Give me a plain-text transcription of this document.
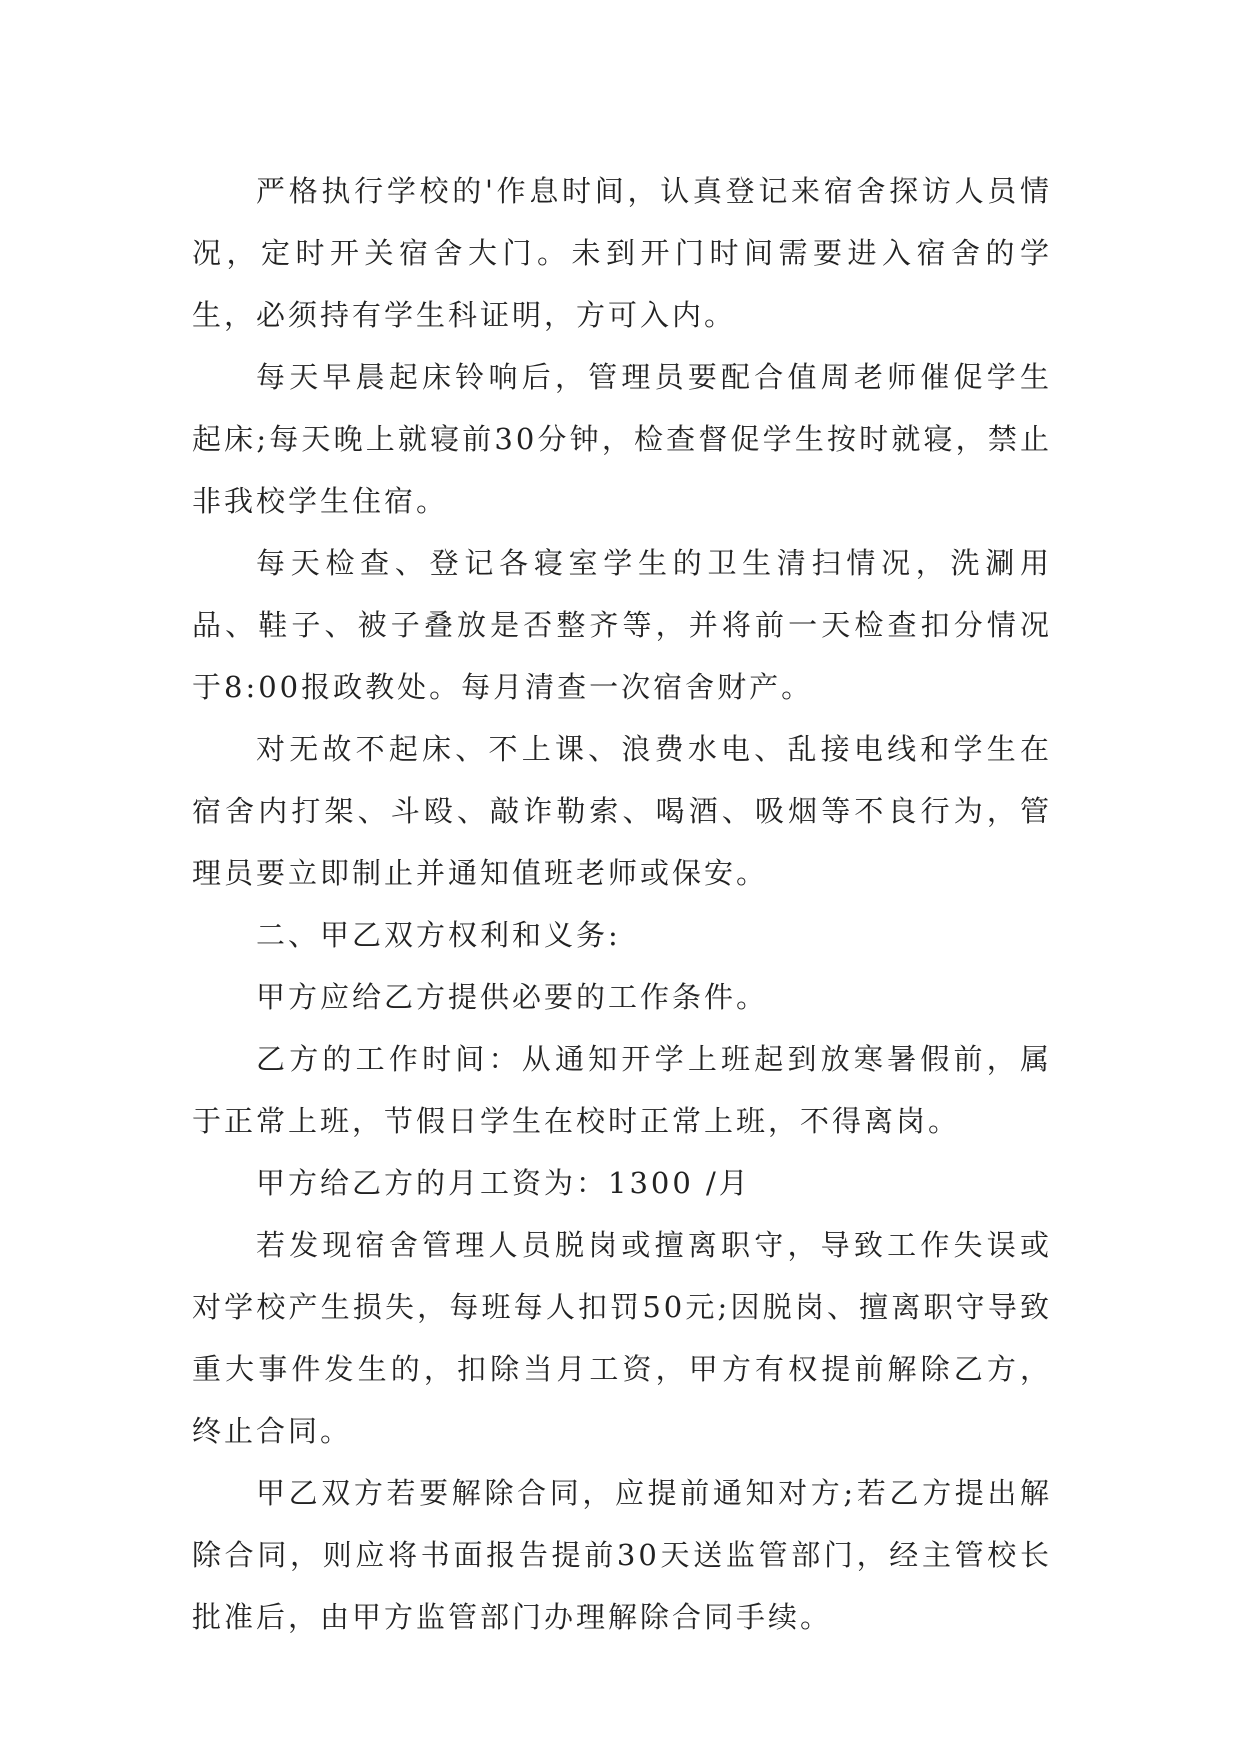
严格执行学校的'作息时间，认真登记来宿舍探访人员情况，定时开关宿舍大门。未到开门时间需要进入宿舍的学生，必须持有学生科证明，方可入内。

每天早晨起床铃响后，管理员要配合值周老师催促学生起床;每天晚上就寝前30分钟，检查督促学生按时就寝，禁止非我校学生住宿。

每天检查、登记各寝室学生的卫生清扫情况，洗涮用品、鞋子、被子叠放是否整齐等，并将前一天检查扣分情况于8:00报政教处。每月清查一次宿舍财产。

对无故不起床、不上课、浪费水电、乱接电线和学生在宿舍内打架、斗殴、敲诈勒索、喝酒、吸烟等不良行为，管理员要立即制止并通知值班老师或保安。

二、甲乙双方权利和义务:

甲方应给乙方提供必要的工作条件。

乙方的工作时间：从通知开学上班起到放寒暑假前，属于正常上班，节假日学生在校时正常上班，不得离岗。

甲方给乙方的月工资为：1300 /月

若发现宿舍管理人员脱岗或擅离职守，导致工作失误或对学校产生损失，每班每人扣罚50元;因脱岗、擅离职守导致重大事件发生的，扣除当月工资，甲方有权提前解除乙方，终止合同。

甲乙双方若要解除合同，应提前通知对方;若乙方提出解除合同，则应将书面报告提前30天送监管部门，经主管校长批准后，由甲方监管部门办理解除合同手续。
